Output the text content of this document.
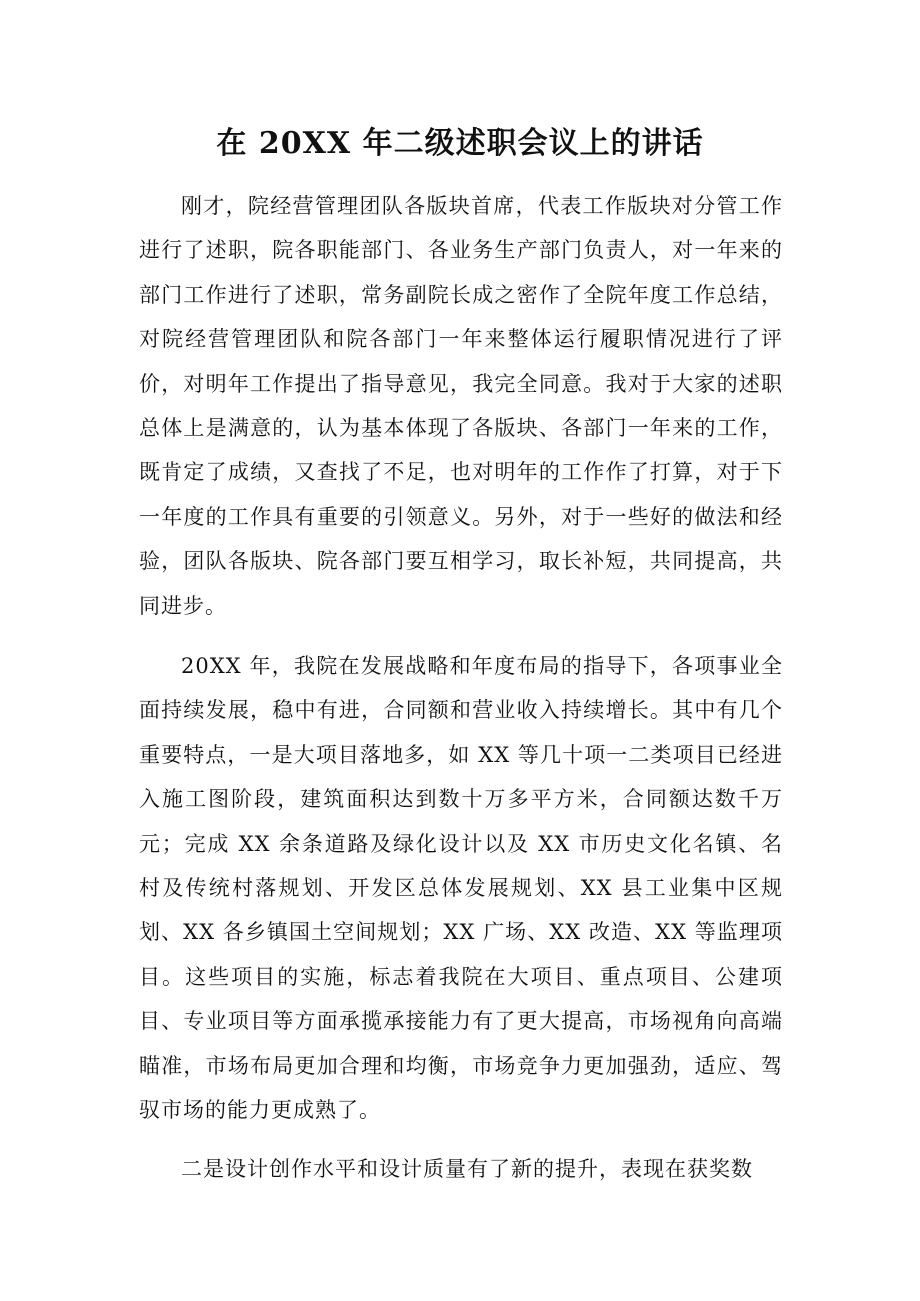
在 20XX 年二级述职会议上的讲话

刚才，院经营管理团队各版块首席，代表工作版块对分管工作进行了述职，院各职能部门、各业务生产部门负责人，对一年来的部门工作进行了述职，常务副院长成之密作了全院年度工作总结，对院经营管理团队和院各部门一年来整体运行履职情况进行了评价，对明年工作提出了指导意见，我完全同意。我对于大家的述职总体上是满意的，认为基本体现了各版块、各部门一年来的工作，既肯定了成绩，又查找了不足，也对明年的工作作了打算，对于下一年度的工作具有重要的引领意义。另外，对于一些好的做法和经验，团队各版块、院各部门要互相学习，取长补短，共同提高，共同进步。

20XX 年，我院在发展战略和年度布局的指导下，各项事业全面持续发展，稳中有进，合同额和营业收入持续增长。其中有几个重要特点，一是大项目落地多，如 XX 等几十项一二类项目已经进入施工图阶段，建筑面积达到数十万多平方米，合同额达数千万元；完成 XX 余条道路及绿化设计以及 XX 市历史文化名镇、名村及传统村落规划、开发区总体发展规划、XX 县工业集中区规划、XX 各乡镇国土空间规划；XX 广场、XX 改造、XX 等监理项目。这些项目的实施，标志着我院在大项目、重点项目、公建项目、专业项目等方面承揽承接能力有了更大提高，市场视角向高端瞄准，市场布局更加合理和均衡，市场竞争力更加强劲，适应、驾驭市场的能力更成熟了。

二是设计创作水平和设计质量有了新的提升，表现在获奖数
